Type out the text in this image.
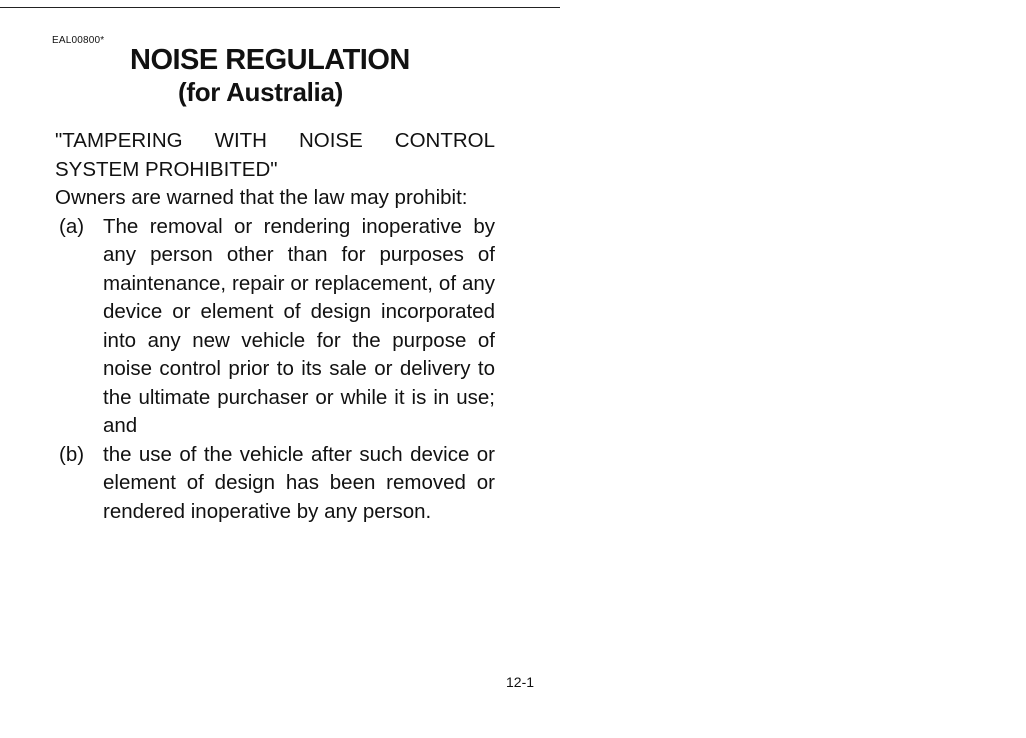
EAL00800*
NOISE REGULATION
(for Australia)

"TAMPERING WITH NOISE CONTROL SYSTEM PROHIBITED"

Owners are warned that the law may prohibit:

(a) The removal or rendering inoperative by any person other than for purposes of maintenance, repair or replacement, of any device or element of design incorporated into any new vehicle for the purpose of noise control prior to its sale or delivery to the ultimate purchaser or while it is in use; and
(b) the use of the vehicle after such device or element of design has been removed or rendered inoperative by any person.
12-1
